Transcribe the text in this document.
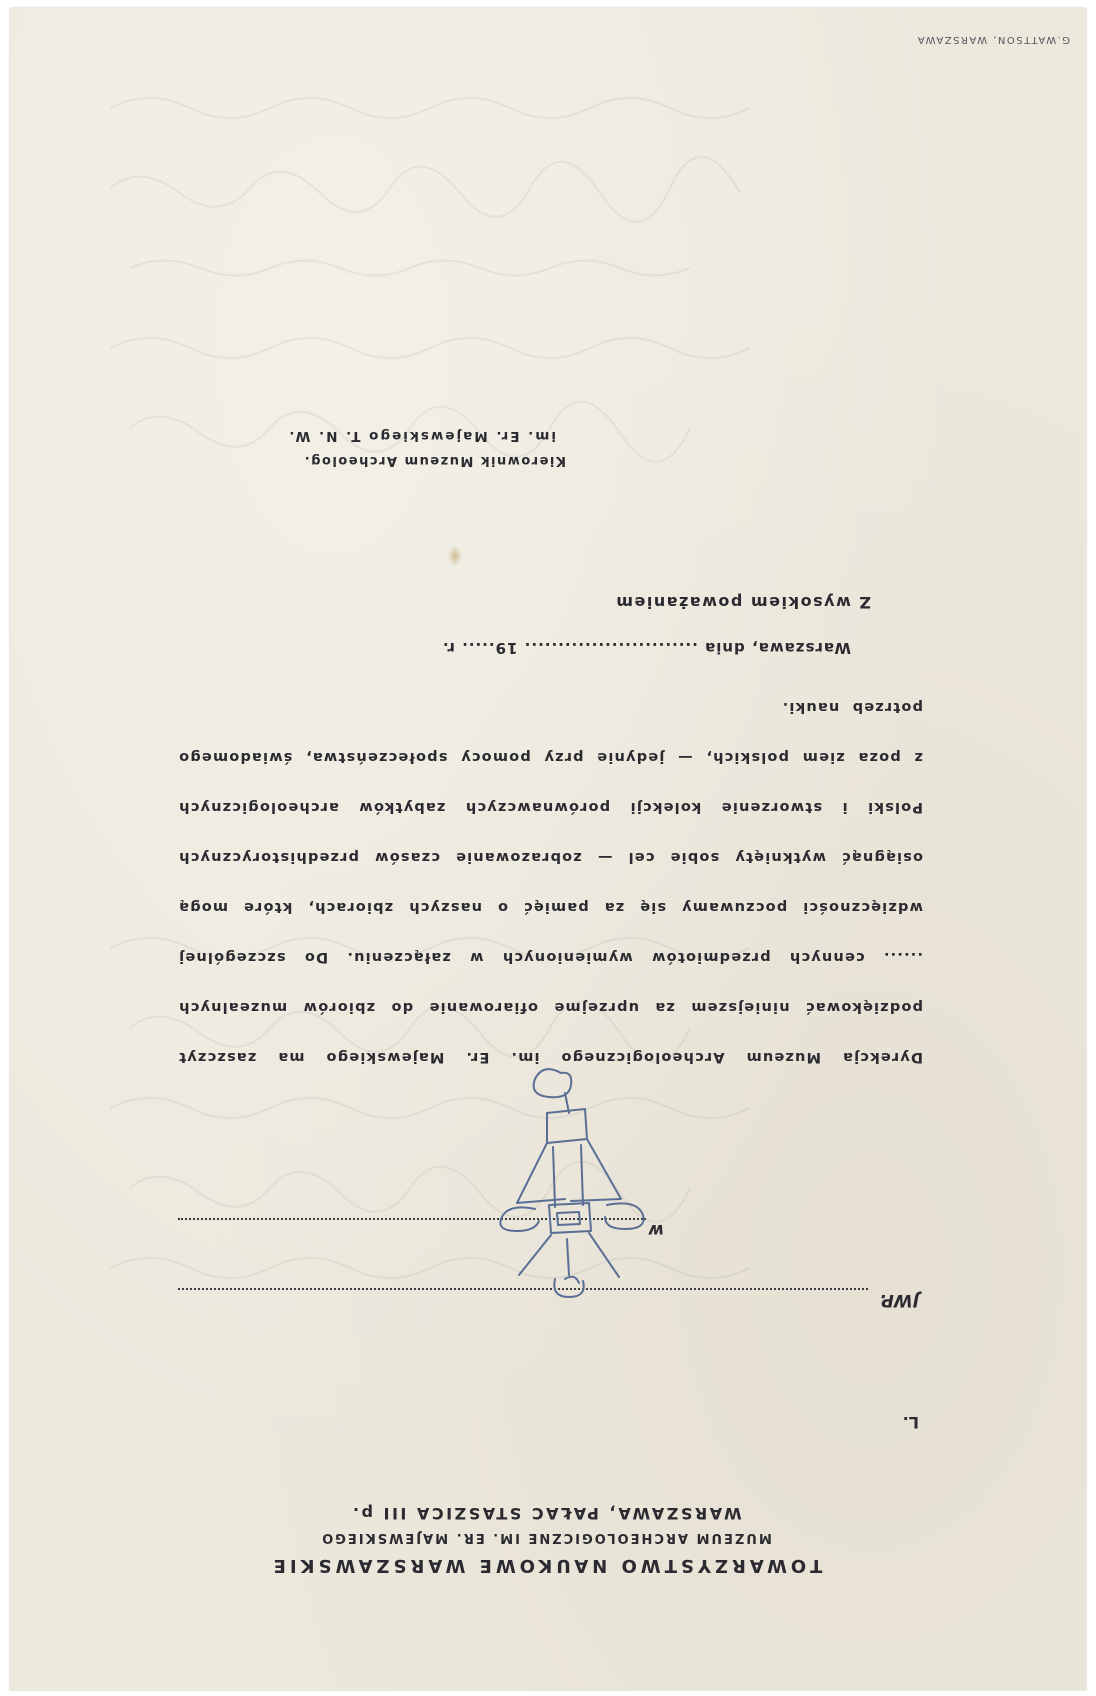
TOWARZYSTWO NAUKOWE WARSZAWSKIE
MUZEUM ARCHEOLOGICZNE IM. ER. MAJEWSKIEGO
WARSZAWA, PAŁAC STASZICA III p.
L.
JWP.
w

Dyrekcja Muzeum Archeologicznego im. Er. Majewskiego ma zaszczyt

podziękować niniejszem za uprzejme ofiarowanie do zbiorów muzealnych

...... cennych przedmiotów wymienionych w załączeniu. Do szczególnej

wdzięczności poczuwamy się za pamięć o naszych zbiorach, które mogą

osiągnąć wytknięty sobie cel — zobrazowanie czasów przedhistorycznych

Polski i stworzenie kolekcji porównawczych zabytków archeologicznych

z poza ziem polskich, — jedynie przy pomocy społeczeństwa, świadomego

potrzeb nauki.

Warszawa, dnia .......................... 19..... r.
Z wysokiem poważaniem
Kierownik Muzeum Archeolog.
im. Er. Majewskiego T. N. W.
G.WATTSON, WARSZAWA
